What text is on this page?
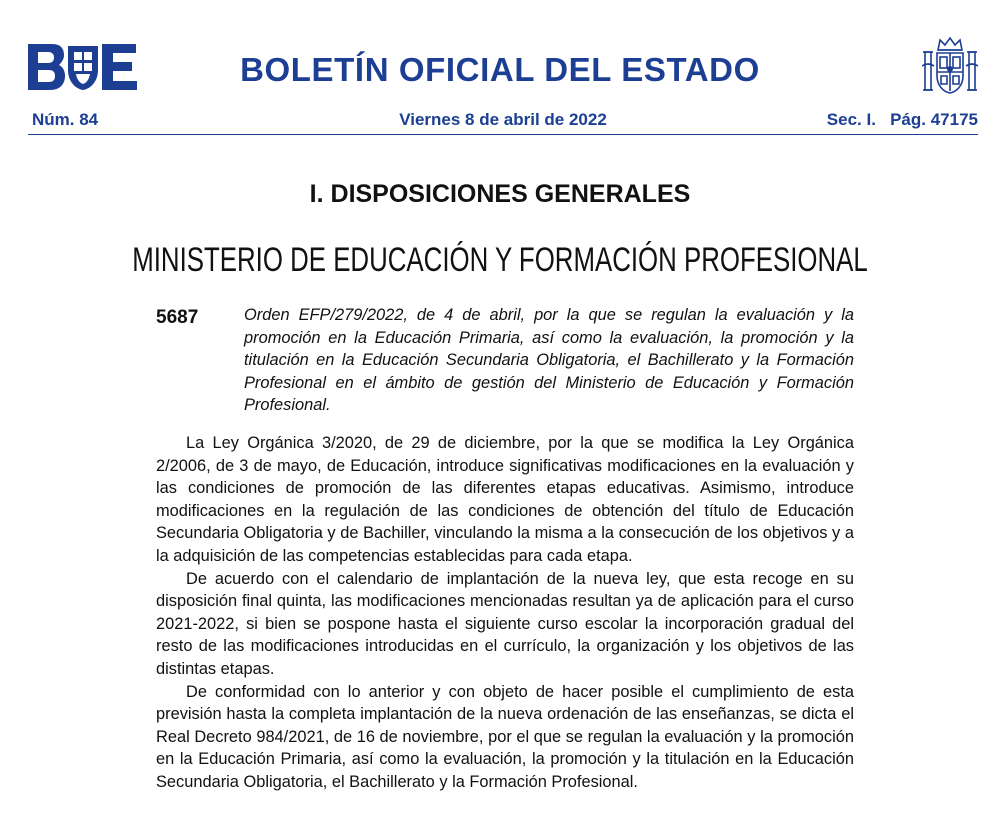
BOLETÍN OFICIAL DEL ESTADO
Núm. 84	Viernes 8 de abril de 2022	Sec. I.   Pág. 47175
I. DISPOSICIONES GENERALES
MINISTERIO DE EDUCACIÓN Y FORMACIÓN PROFESIONAL
5687	Orden EFP/279/2022, de 4 de abril, por la que se regulan la evaluación y la promoción en la Educación Primaria, así como la evaluación, la promoción y la titulación en la Educación Secundaria Obligatoria, el Bachillerato y la Formación Profesional en el ámbito de gestión del Ministerio de Educación y Formación Profesional.

La Ley Orgánica 3/2020, de 29 de diciembre, por la que se modifica la Ley Orgánica 2/2006, de 3 de mayo, de Educación, introduce significativas modificaciones en la evaluación y las condiciones de promoción de las diferentes etapas educativas. Asimismo, introduce modificaciones en la regulación de las condiciones de obtención del título de Educación Secundaria Obligatoria y de Bachiller, vinculando la misma a la consecución de los objetivos y a la adquisición de las competencias establecidas para cada etapa.

De acuerdo con el calendario de implantación de la nueva ley, que esta recoge en su disposición final quinta, las modificaciones mencionadas resultan ya de aplicación para el curso 2021-2022, si bien se pospone hasta el siguiente curso escolar la incorporación gradual del resto de las modificaciones introducidas en el currículo, la organización y los objetivos de las distintas etapas.

De conformidad con lo anterior y con objeto de hacer posible el cumplimiento de esta previsión hasta la completa implantación de la nueva ordenación de las enseñanzas, se dicta el Real Decreto 984/2021, de 16 de noviembre, por el que se regulan la evaluación y la promoción en la Educación Primaria, así como la evaluación, la promoción y la titulación en la Educación Secundaria Obligatoria, el Bachillerato y la Formación Profesional.
